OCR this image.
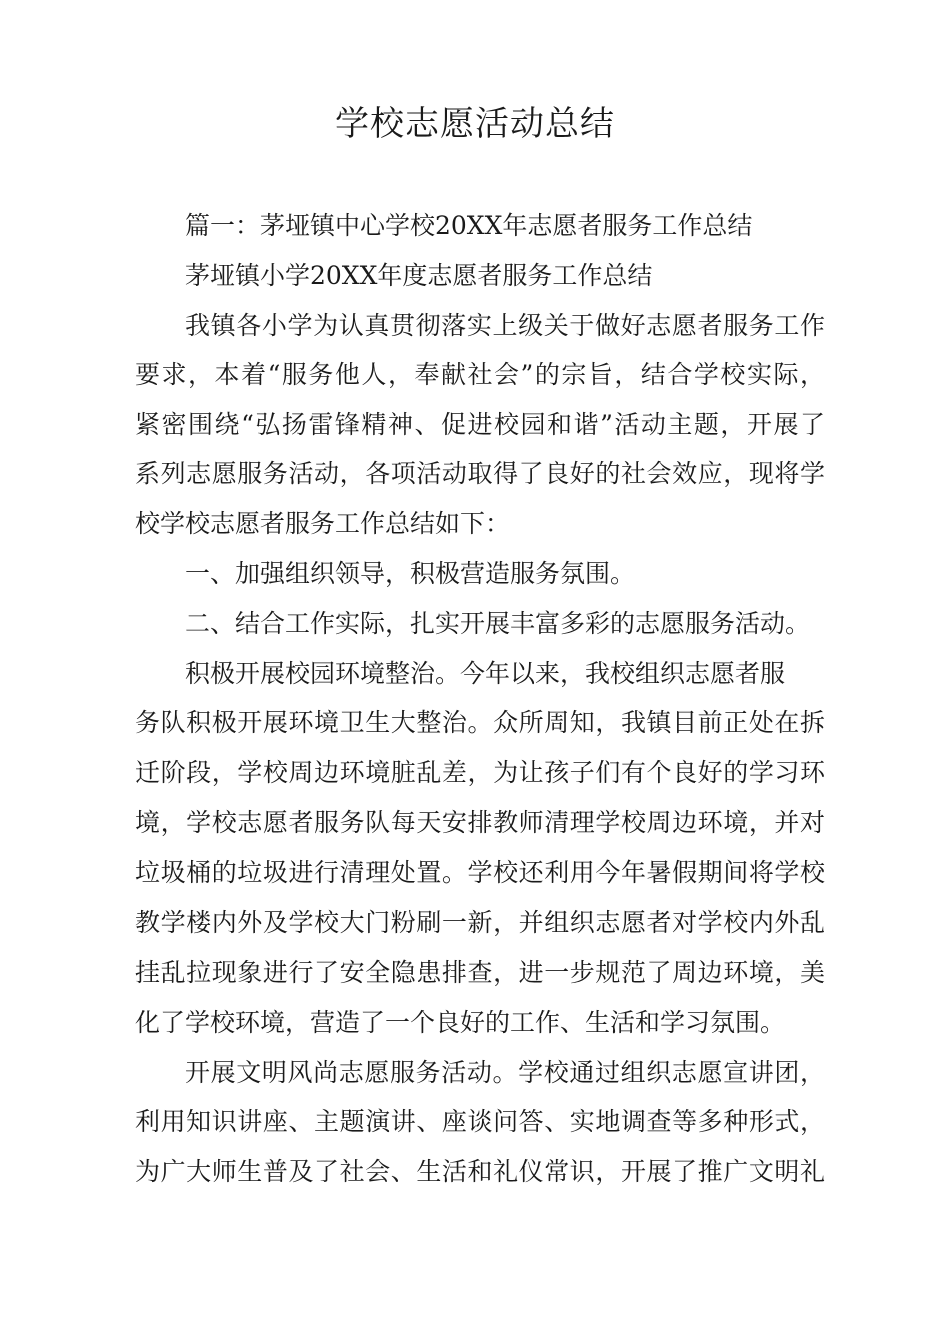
学校志愿活动总结

篇一：茅垭镇中心学校20XX年志愿者服务工作总结

茅垭镇小学20XX年度志愿者服务工作总结

我镇各小学为认真贯彻落实上级关于做好志愿者服务工作

要求，本着“服务他人，奉献社会”的宗旨，结合学校实际，

紧密围绕“弘扬雷锋精神、促进校园和谐”活动主题，开展了

系列志愿服务活动，各项活动取得了良好的社会效应，现将学

校学校志愿者服务工作总结如下：

一、加强组织领导，积极营造服务氛围。

二、结合工作实际，扎实开展丰富多彩的志愿服务活动。

积极开展校园环境整治。今年以来，我校组织志愿者服

务队积极开展环境卫生大整治。众所周知，我镇目前正处在拆

迁阶段，学校周边环境脏乱差，为让孩子们有个良好的学习环

境，学校志愿者服务队每天安排教师清理学校周边环境，并对

垃圾桶的垃圾进行清理处置。学校还利用今年暑假期间将学校

教学楼内外及学校大门粉刷一新，并组织志愿者对学校内外乱

挂乱拉现象进行了安全隐患排查，进一步规范了周边环境，美

化了学校环境，营造了一个良好的工作、生活和学习氛围。

开展文明风尚志愿服务活动。学校通过组织志愿宣讲团，

利用知识讲座、主题演讲、座谈问答、实地调查等多种形式，

为广大师生普及了社会、生活和礼仪常识，开展了推广文明礼
